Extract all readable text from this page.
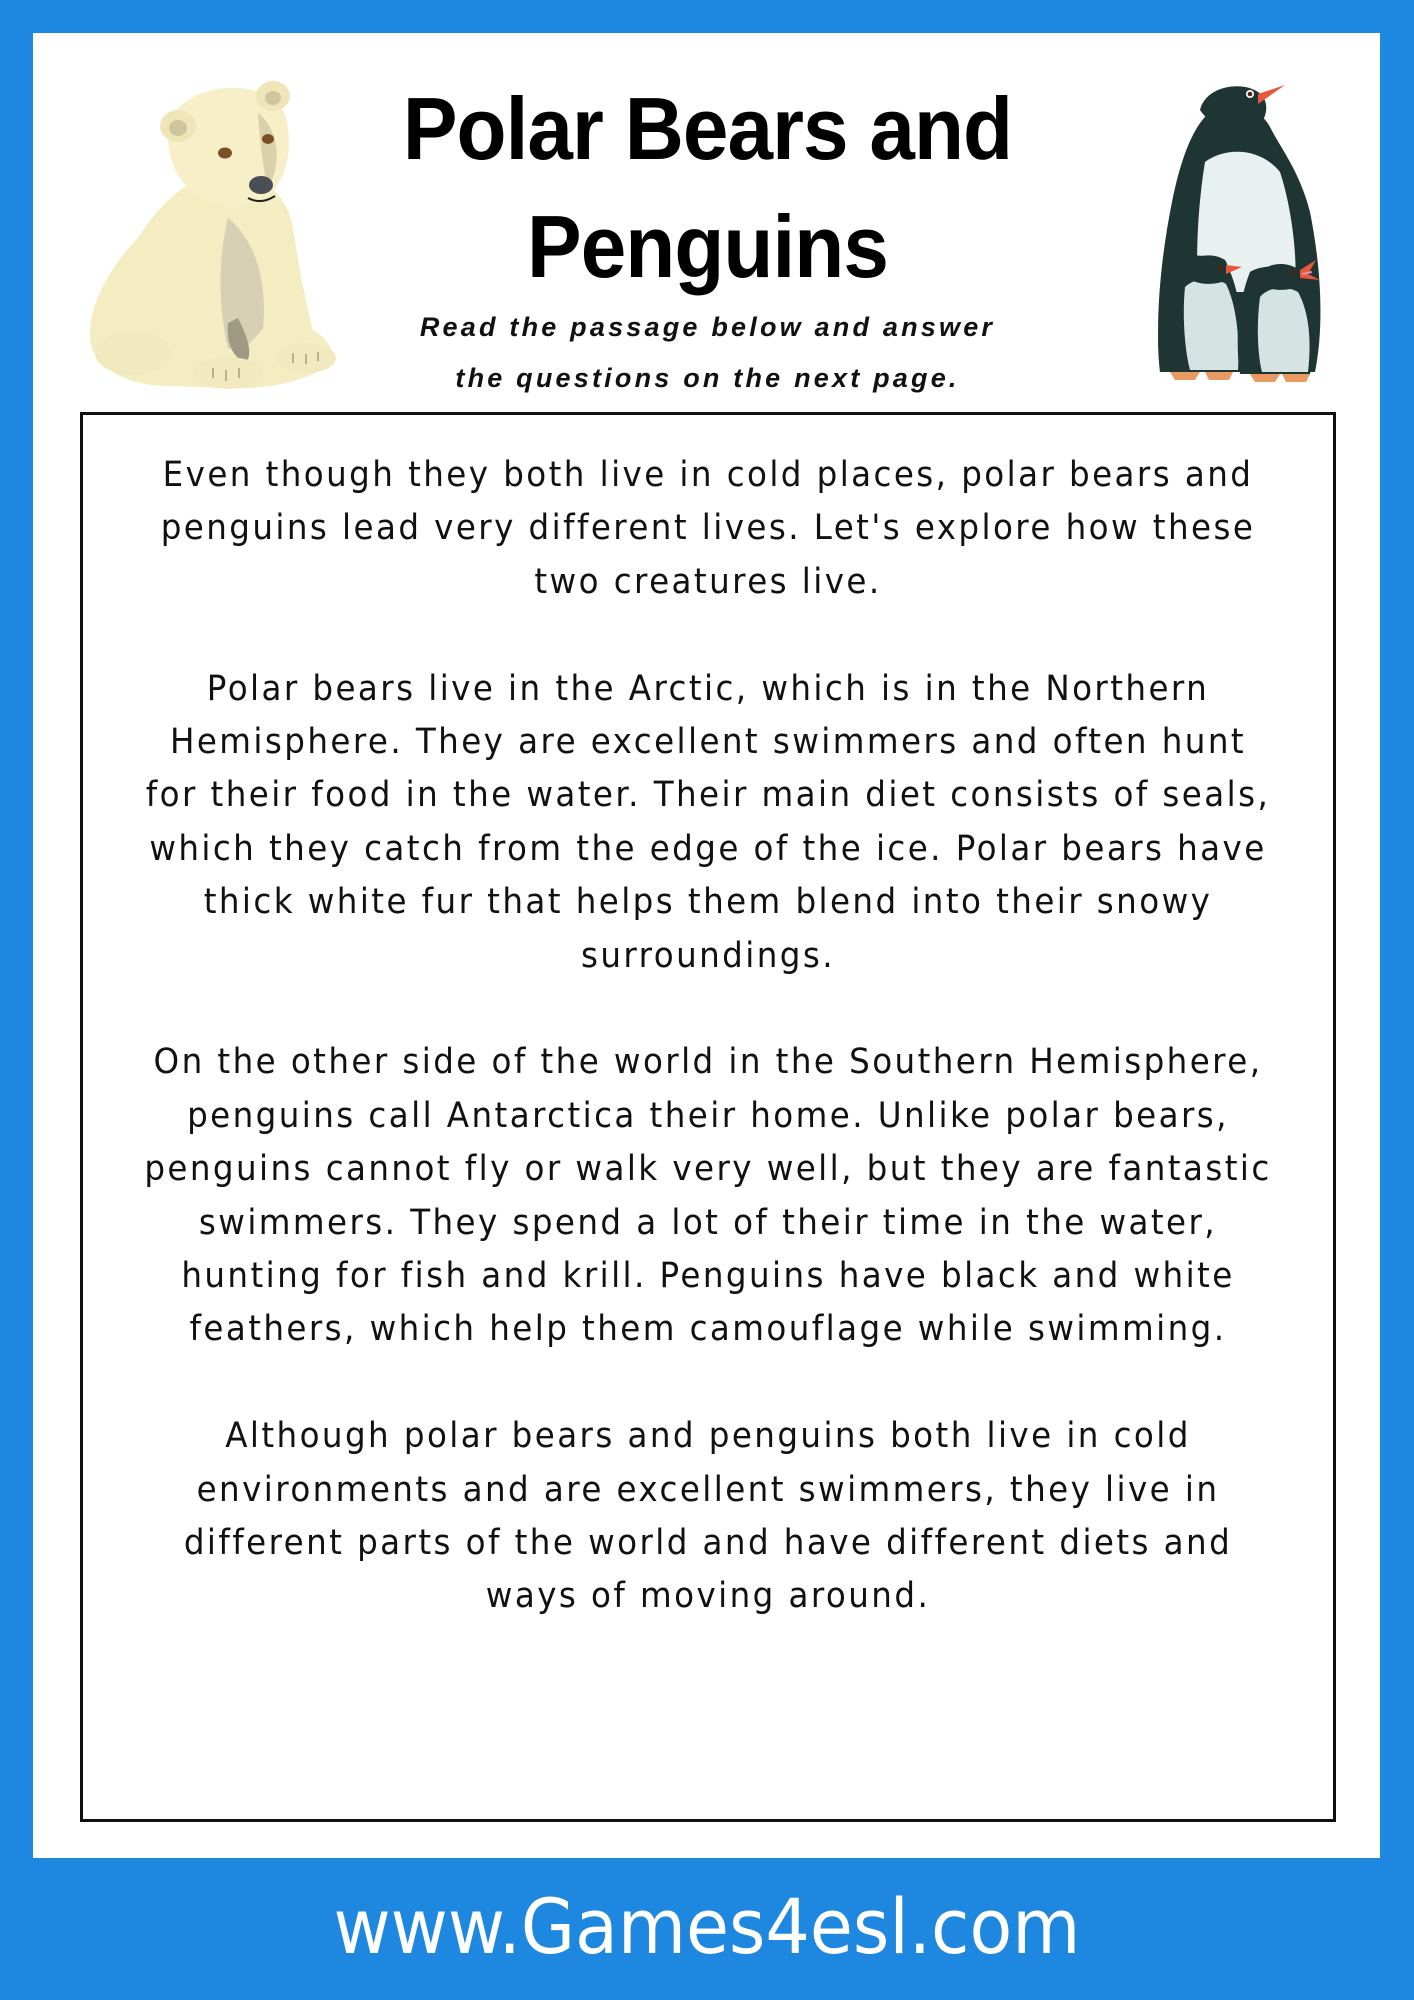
Polar Bears and
Penguins
Read the passage below and answer
the questions on the next page.

Even though they both live in cold places, polar bears and penguins lead very different lives. Let's explore how these two creatures live.

Polar bears live in the Arctic, which is in the Northern Hemisphere. They are excellent swimmers and often hunt for their food in the water. Their main diet consists of seals, which they catch from the edge of the ice. Polar bears have thick white fur that helps them blend into their snowy surroundings.

On the other side of the world in the Southern Hemisphere, penguins call Antarctica their home. Unlike polar bears, penguins cannot fly or walk very well, but they are fantastic swimmers. They spend a lot of their time in the water, hunting for fish and krill. Penguins have black and white feathers, which help them camouflage while swimming.

Although polar bears and penguins both live in cold environments and are excellent swimmers, they live in different parts of the world and have different diets and ways of moving around.

www.Games4esl.com
